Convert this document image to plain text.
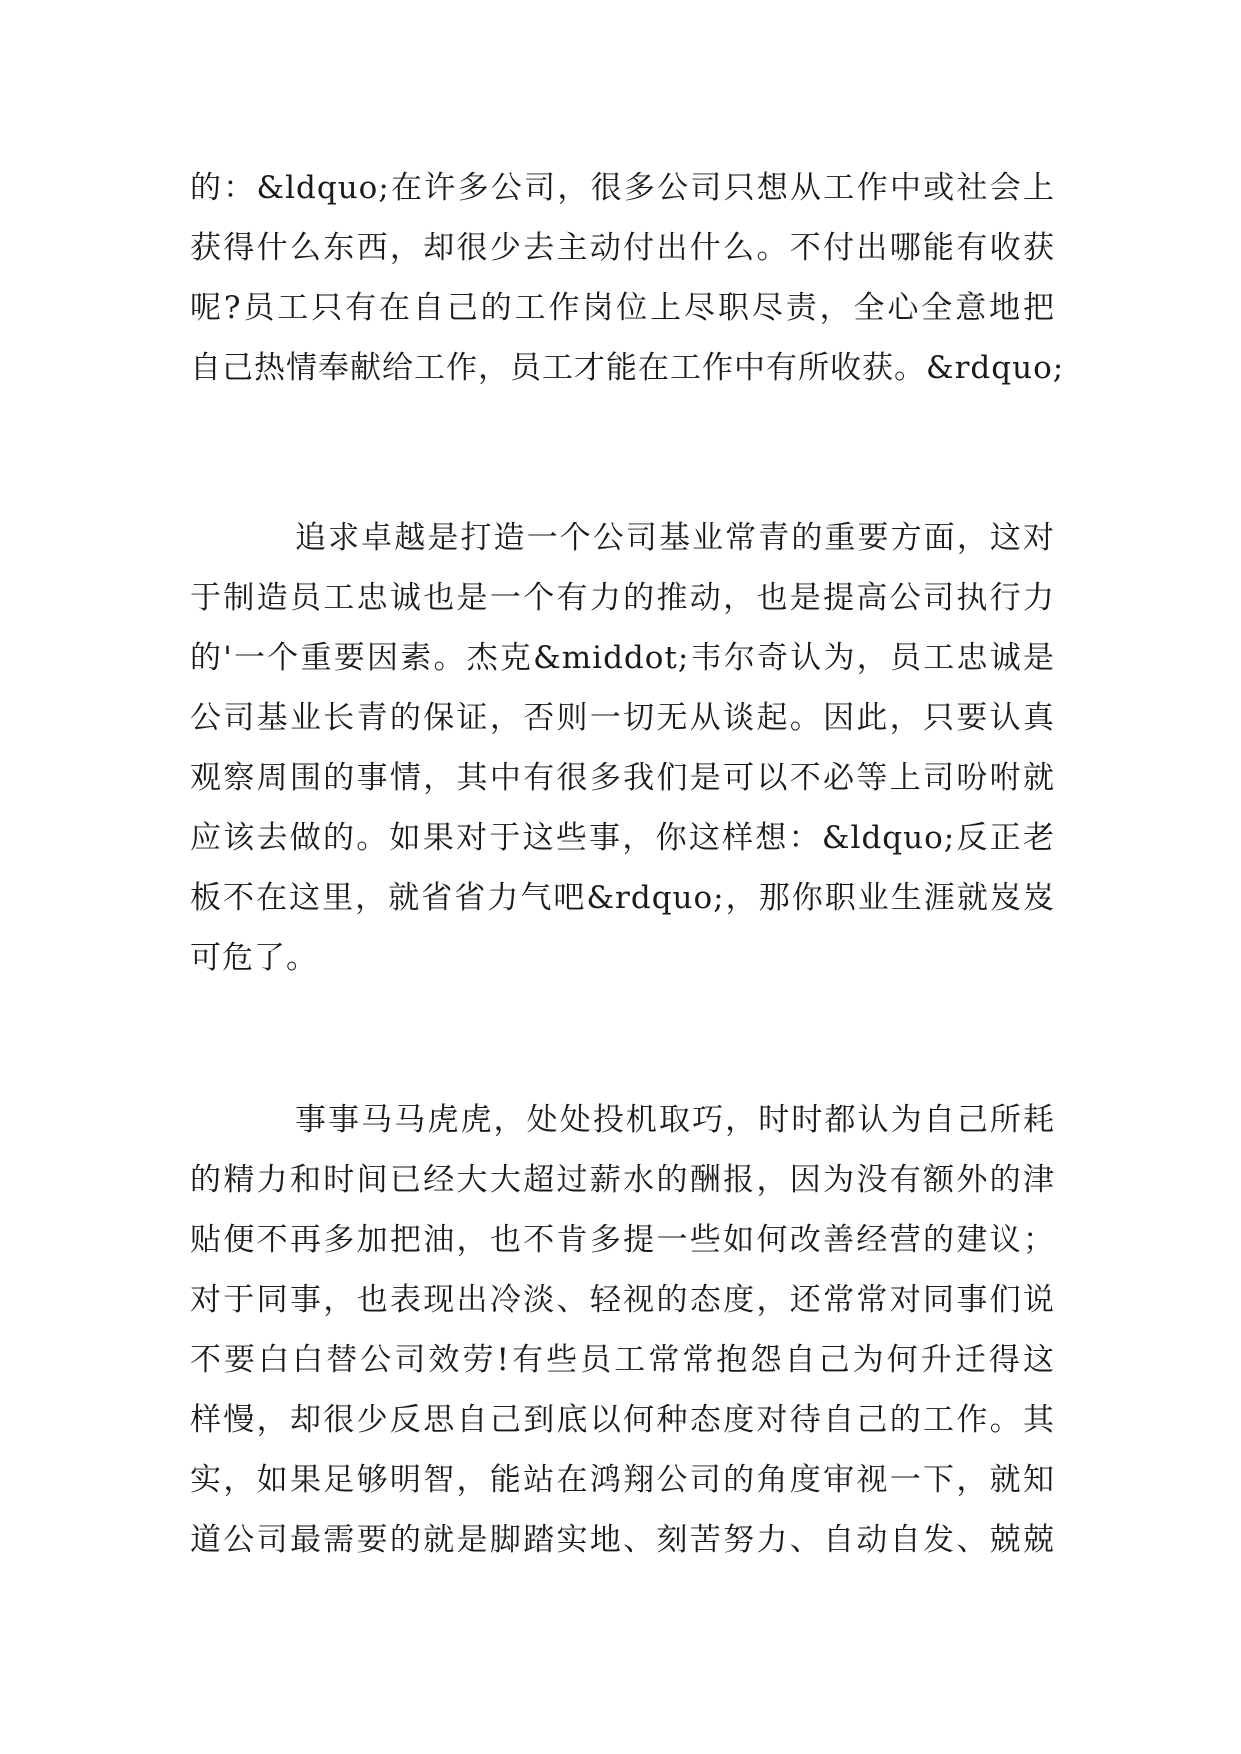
的：&ldquo;在许多公司，很多公司只想从工作中或社会上
获得什么东西，却很少去主动付出什么。不付出哪能有收获
呢?员工只有在自己的工作岗位上尽职尽责，全心全意地把
自己热情奉献给工作，员工才能在工作中有所收获。&rdquo;
追求卓越是打造一个公司基业常青的重要方面，这对
于制造员工忠诚也是一个有力的推动，也是提高公司执行力
的'一个重要因素。杰克&middot;韦尔奇认为，员工忠诚是
公司基业长青的保证，否则一切无从谈起。因此，只要认真
观察周围的事情，其中有很多我们是可以不必等上司吩咐就
应该去做的。如果对于这些事，你这样想：&ldquo;反正老
板不在这里，就省省力气吧&rdquo;，那你职业生涯就岌岌
可危了。
事事马马虎虎，处处投机取巧，时时都认为自己所耗
的精力和时间已经大大超过薪水的酬报，因为没有额外的津
贴便不再多加把油，也不肯多提一些如何改善经营的建议；
对于同事，也表现出冷淡、轻视的态度，还常常对同事们说
不要白白替公司效劳!有些员工常常抱怨自己为何升迁得这
样慢，却很少反思自己到底以何种态度对待自己的工作。其
实，如果足够明智，能站在鸿翔公司的角度审视一下，就知
道公司最需要的就是脚踏实地、刻苦努力、自动自发、兢兢
